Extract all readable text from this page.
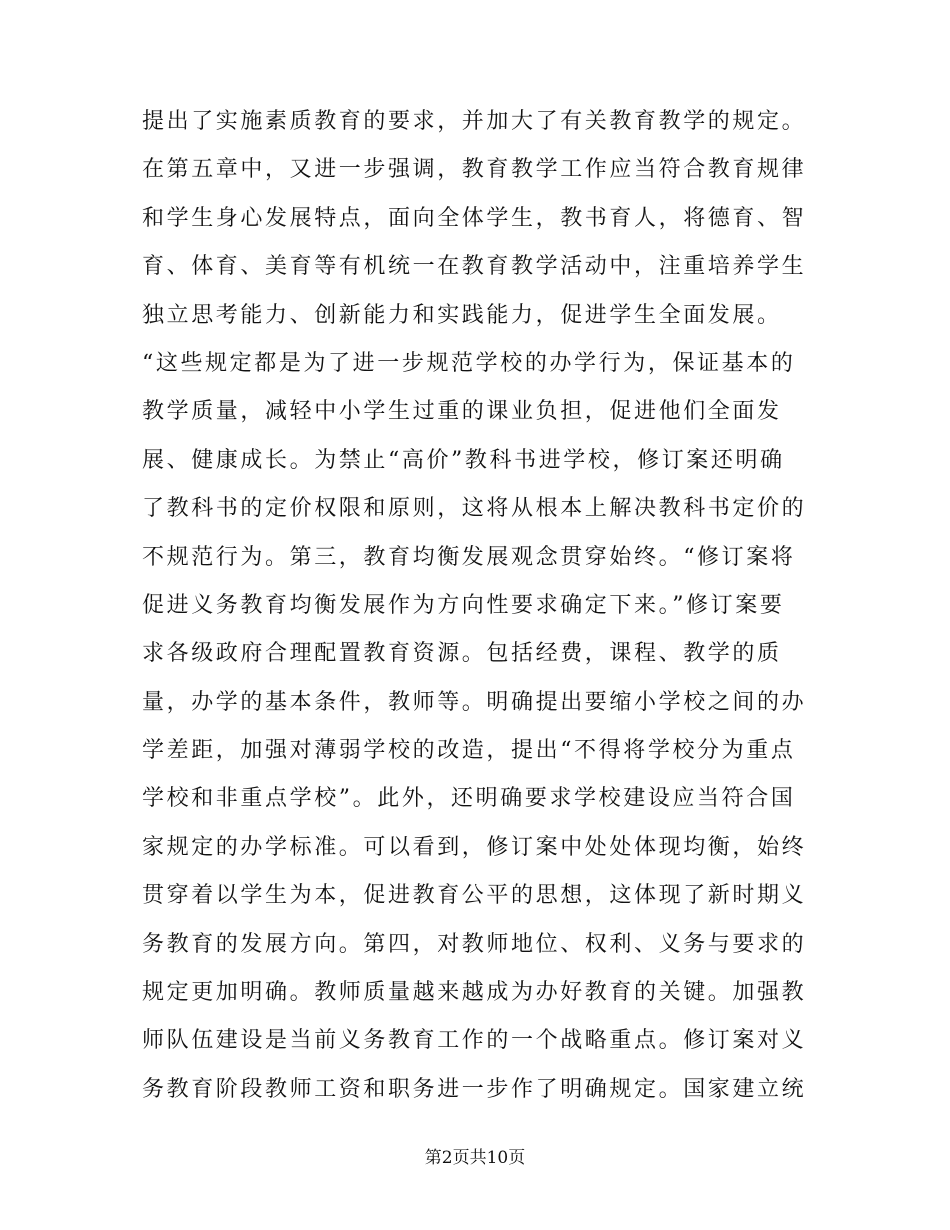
提出了实施素质教育的要求，并加大了有关教育教学的规定。
在第五章中，又进一步强调，教育教学工作应当符合教育规律
和学生身心发展特点，面向全体学生，教书育人，将德育、智
育、体育、美育等有机统一在教育教学活动中，注重培养学生
独立思考能力、创新能力和实践能力，促进学生全面发展。
“这些规定都是为了进一步规范学校的办学行为，保证基本的
教学质量，减轻中小学生过重的课业负担，促进他们全面发
展、健康成长。为禁止“高价”教科书进学校，修订案还明确
了教科书的定价权限和原则，这将从根本上解决教科书定价的
不规范行为。第三，教育均衡发展观念贯穿始终。“修订案将
促进义务教育均衡发展作为方向性要求确定下来。”修订案要
求各级政府合理配置教育资源。包括经费，课程、教学的质
量，办学的基本条件，教师等。明确提出要缩小学校之间的办
学差距，加强对薄弱学校的改造，提出“不得将学校分为重点
学校和非重点学校”。此外，还明确要求学校建设应当符合国
家规定的办学标准。可以看到，修订案中处处体现均衡，始终
贯穿着以学生为本，促进教育公平的思想，这体现了新时期义
务教育的发展方向。第四，对教师地位、权利、义务与要求的
规定更加明确。教师质量越来越成为办好教育的关键。加强教
师队伍建设是当前义务教育工作的一个战略重点。修订案对义
务教育阶段教师工资和职务进一步作了明确规定。国家建立统
第2页共10页
